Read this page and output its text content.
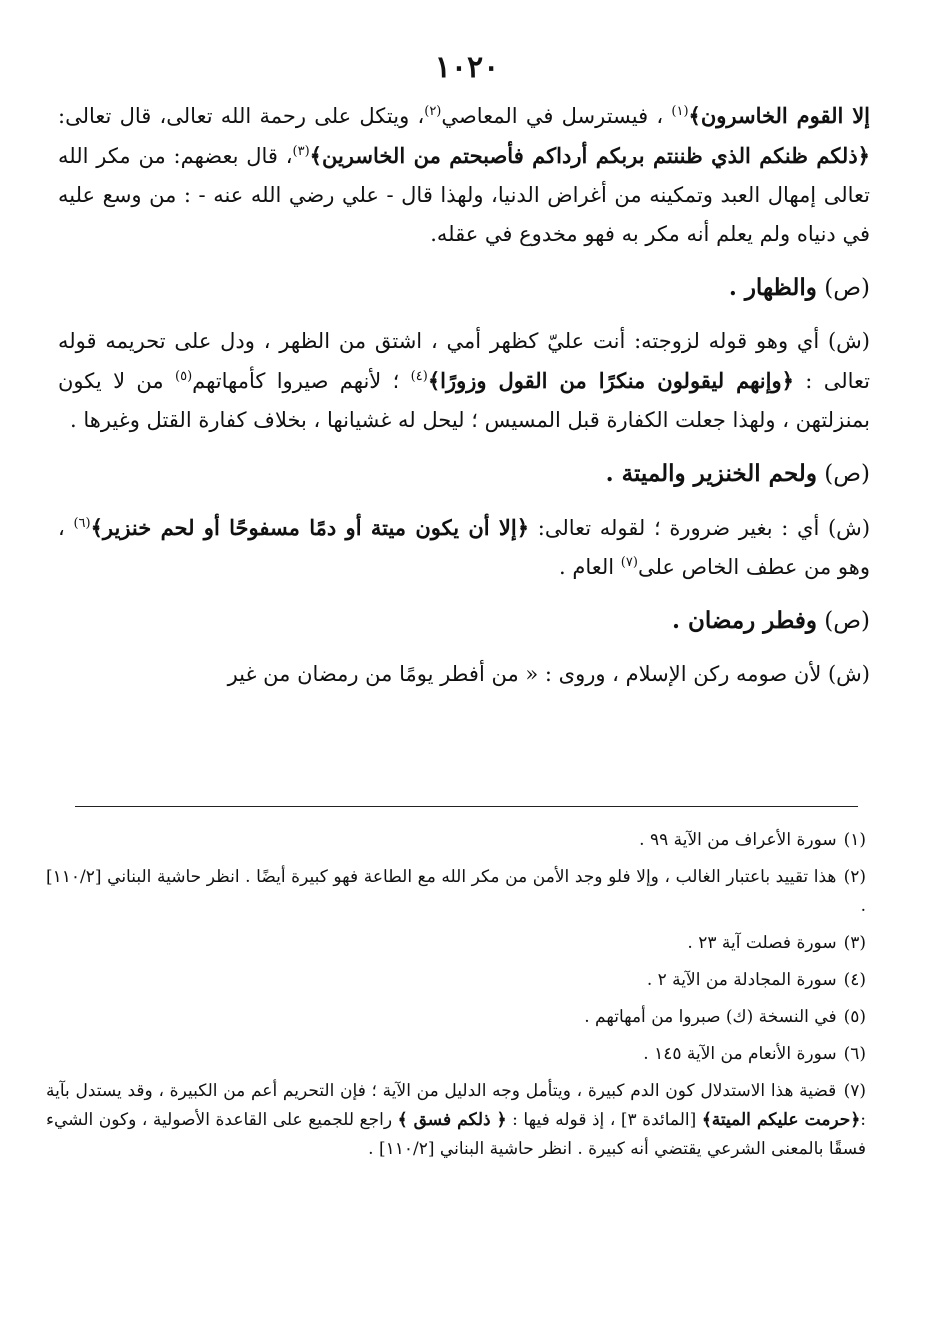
١٠٢٠

إلا القوم الخاسرون﴾$^{(١)}$ ، فيسترسل في المعاصي$^{(٢)}$، ويتكل على رحمة الله تعالى، قال تعالى: ﴿ذلكم ظنكم الذي ظننتم بربكم أرداكم فأصبحتم من الخاسرين﴾$^{(٣)}$، قال بعضهم: من مكر الله تعالى إمهال العبد وتمكينه من أغراض الدنيا، ولهذا قال - علي رضي الله عنه - : من وسع عليه في دنياه ولم يعلم أنه مكر به فهو مخدوع في عقله.

(ص) والظهار .

(ش) أي وهو قوله لزوجته: أنت عليّ كظهر أمي ، اشتق من الظهر ، ودل على تحريمه قوله تعالى : ﴿وإنهم ليقولون منكرًا من القول وزورًا﴾$^{(٤)}$ ؛ لأنهم صيروا كأمهاتهم$^{(٥)}$ من لا يكون بمنزلتهن ، ولهذا جعلت الكفارة قبل المسيس ؛ ليحل له غشيانها ، بخلاف كفارة القتل وغيرها .

(ص) ولحم الخنزير والميتة .

(ش) أي : بغير ضرورة ؛ لقوله تعالى: ﴿إلا أن يكون ميتة أو دمًا مسفوحًا أو لحم خنزير﴾$^{(٦)}$ ، وهو من عطف الخاص على$^{(٧)}$ العام .

(ص) وفطر رمضان .

(ش) لأن صومه ركن الإسلام ، وروى : « من أفطر يومًا من رمضان من غير

(١) سورة الأعراف من الآية ٩٩ .

(٢) هذا تقييد باعتبار الغالب ، وإلا فلو وجد الأمن من مكر الله مع الطاعة فهو كبيرة أيضًا . انظر حاشية البناني [١١٠/٢] .

(٣) سورة فصلت آية ٢٣ .

(٤) سورة المجادلة من الآية ٢ .

(٥) في النسخة (ك) صبروا من أمهاتهم .

(٦) سورة الأنعام من الآية ١٤٥ .

(٧) قضية هذا الاستدلال كون الدم كبيرة ، ويتأمل وجه الدليل من الآية ؛ فإن التحريم أعم من الكبيرة ، وقد يستدل بآية :﴿حرمت عليكم الميتة﴾ [المائدة ٣] ، إذ قوله فيها : ﴿ ذلكم فسق ﴾ راجع للجميع على القاعدة الأصولية ، وكون الشيء فسقًا بالمعنى الشرعي يقتضي أنه كبيرة . انظر حاشية البناني [١١٠/٢] .
